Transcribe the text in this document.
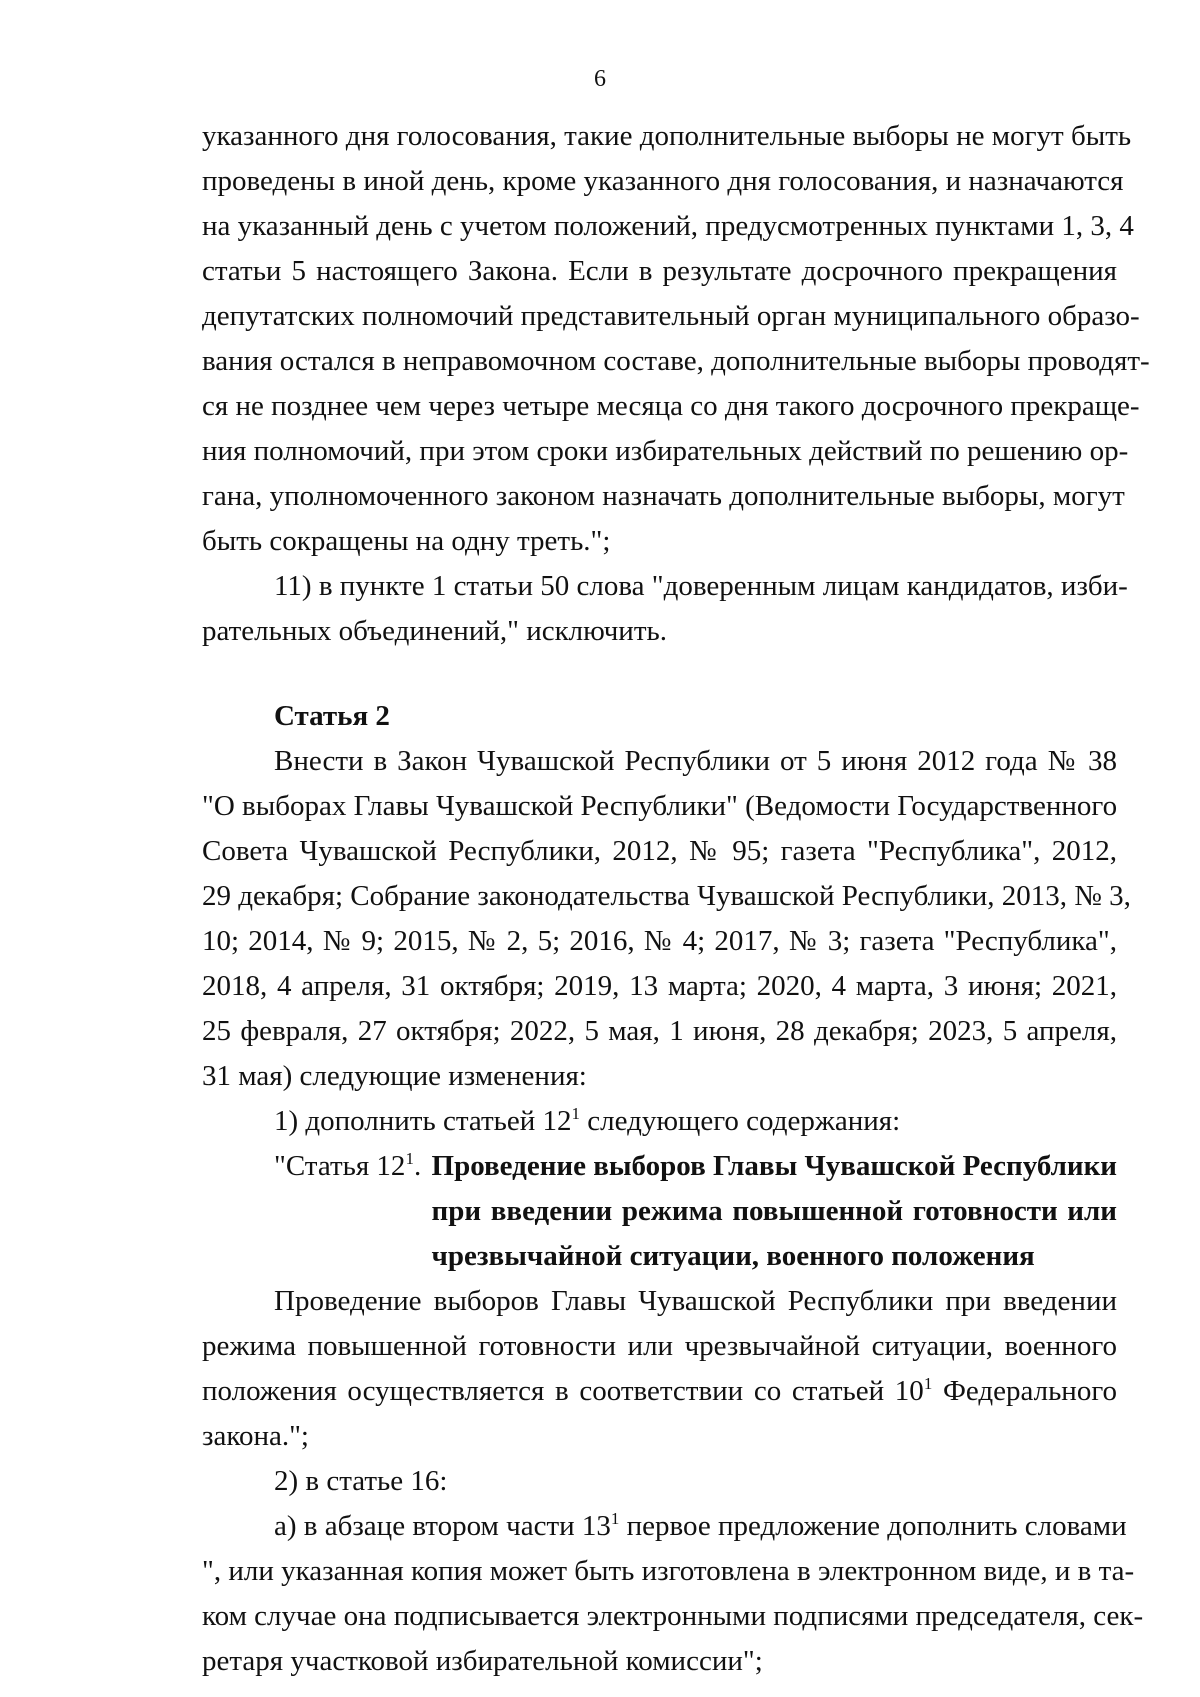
6
указанного дня голосования, такие дополнительные выборы не могут быть
проведены в иной день, кроме указанного дня голосования, и назначаются
на указанный день с учетом положений, предусмотренных пунктами 1, 3, 4
статьи 5 настоящего Закона. Если в результате досрочного прекращения
депутатских полномочий представительный орган муниципального образо-
вания остался в неправомочном составе, дополнительные выборы проводят-
ся не позднее чем через четыре месяца со дня такого досрочного прекраще-
ния полномочий, при этом сроки избирательных действий по решению ор-
гана, уполномоченного законом назначать дополнительные выборы, могут
быть сокращены на одну треть.";
11) в пункте 1 статьи 50 слова "доверенным лицам кандидатов, изби-
рательных объединений," исключить.
Статья 2
Внести в Закон Чувашской Республики от 5 июня 2012 года № 38
"О выборах Главы Чувашской Республики" (Ведомости Государственного
Совета Чувашской Республики, 2012, № 95; газета "Республика", 2012,
29 декабря; Собрание законодательства Чувашской Республики, 2013, № 3,
10; 2014, № 9; 2015, № 2, 5; 2016, № 4; 2017, № 3; газета "Республика",
2018, 4 апреля, 31 октября; 2019, 13 марта; 2020, 4 марта, 3 июня; 2021,
25 февраля, 27 октября; 2022, 5 мая, 1 июня, 28 декабря; 2023, 5 апреля,
31 мая) следующие изменения:
1) дополнить статьей $12^1$ следующего содержания:
"Статья $12^1$. Проведение выборов Главы Чувашской Республики
при введении режима повышенной готовности или
чрезвычайной ситуации, военного положения
Проведение выборов Главы Чувашской Республики при введении
режима повышенной готовности или чрезвычайной ситуации, военного
положения осуществляется в соответствии со статьей $10^1$ Федерального
закона.";
2) в статье 16:
а) в абзаце втором части $13^1$ первое предложение дополнить словами
", или указанная копия может быть изготовлена в электронном виде, и в та-
ком случае она подписывается электронными подписями председателя, сек-
ретаря участковой избирательной комиссии";
